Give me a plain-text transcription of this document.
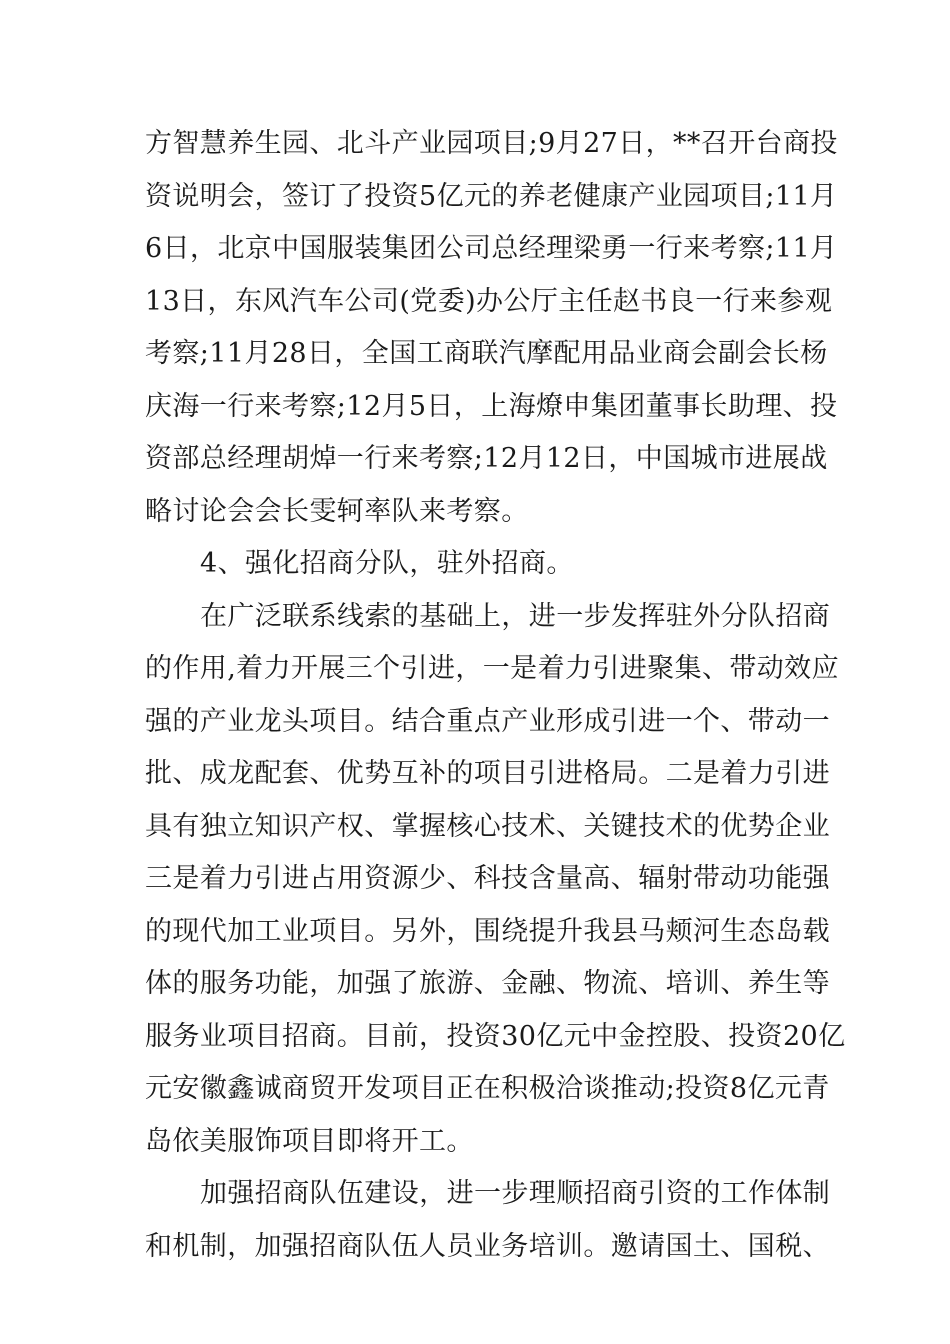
方智慧养生园、北斗产业园项目;9月27日，**召开台商投
资说明会，签订了投资5亿元的养老健康产业园项目;11月
6日，北京中国服装集团公司总经理梁勇一行来考察;11月
13日，东风汽车公司(党委)办公厅主任赵书良一行来参观
考察;11月28日，全国工商联汽摩配用品业商会副会长杨
庆海一行来考察;12月5日，上海燎申集团董事长助理、投
资部总经理胡焯一行来考察;12月12日，中国城市进展战
略讨论会会长雯轲率队来考察。
4、强化招商分队，驻外招商。
在广泛联系线索的基础上，进一步发挥驻外分队招商
的作用,着力开展三个引进，一是着力引进聚集、带动效应
强的产业龙头项目。结合重点产业形成引进一个、带动一
批、成龙配套、优势互补的项目引进格局。二是着力引进
具有独立知识产权、掌握核心技术、关键技术的优势企业
三是着力引进占用资源少、科技含量高、辐射带动功能强
的现代加工业项目。另外，围绕提升我县马颊河生态岛载
体的服务功能，加强了旅游、金融、物流、培训、养生等
服务业项目招商。目前，投资30亿元中金控股、投资20亿
元安徽鑫诚商贸开发项目正在积极洽谈推动;投资8亿元青
岛依美服饰项目即将开工。
加强招商队伍建设，进一步理顺招商引资的工作体制
和机制，加强招商队伍人员业务培训。邀请国土、国税、
